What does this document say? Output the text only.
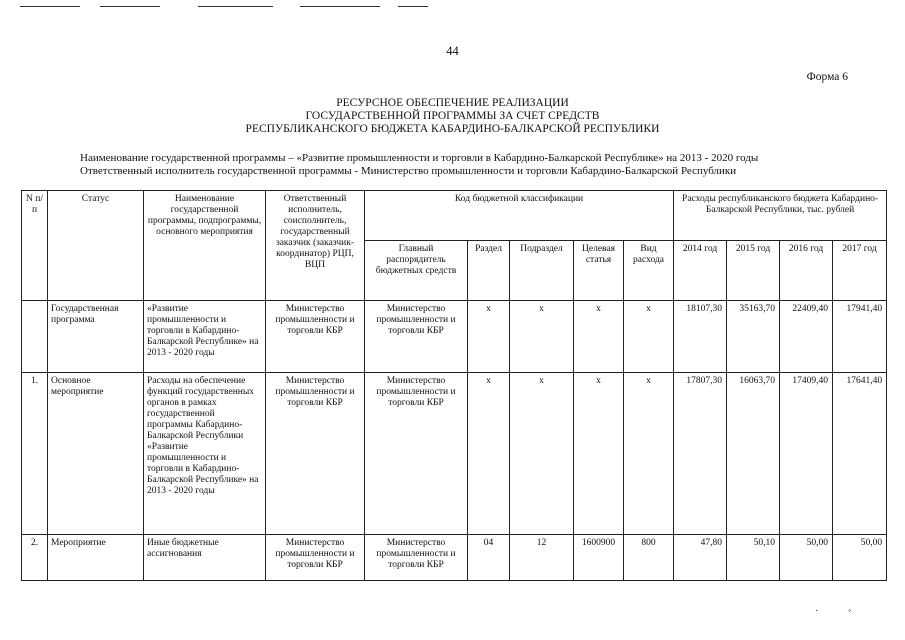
44
Форма 6
РЕСУРСНОЕ ОБЕСПЕЧЕНИЕ РЕАЛИЗАЦИИ
ГОСУДАРСТВЕННОЙ ПРОГРАММЫ ЗА СЧЕТ СРЕДСТВ
РЕСПУБЛИКАНСКОГО БЮДЖЕТА КАБАРДИНО-БАЛКАРСКОЙ РЕСПУБЛИКИ
Наименование государственной программы – «Развитие промышленности и торговли в Кабардино-Балкарской Республике» на 2013 - 2020 годы
Ответственный исполнитель государственной программы - Министерство промышленности и торговли Кабардино-Балкарской Республики
N п/п	Статус	Наименование государственной программы, подпрограммы, основного мероприятия	Ответственный исполнитель, соисполнитель, государственный заказчик (заказчик-координатор) РЦП, ВЦП	Код бюджетной классификации					Расходы республиканского бюджета Кабардино-Балкарской Республики, тыс. рублей			
				Главный распорядитель бюджетных средств	Раздел	Подраздел	Целевая статья	Вид расхода	2014 год	2015 год	2016 год	2017 год
	Государственная программа	«Развитие промышленности и торговли в Кабардино-Балкарской Республике» на 2013 - 2020 годы	Министерство промышленности и торговли КБР	Министерство промышленности и торговли КБР	х	х	х	х	18107,30	35163,70	22409,40	17941,40
1.	Основное мероприятие	Расходы на обеспечение функций государственных органов в рамках государственной программы Кабардино-Балкарской Республики «Развитие промышленности и торговли в Кабардино-Балкарской Республике» на 2013 - 2020 годы	Министерство промышленности и торговли КБР	Министерство промышленности и торговли КБР	х	х	х	х	17807,30	16063,70	17409,40	17641,40
2.	Мероприятие	Иные бюджетные ассигнования	Министерство промышленности и торговли КБР	Министерство промышленности и торговли КБР	04	12	1600900	800	47,80	50,10	50,00	50,00
˙	˚
